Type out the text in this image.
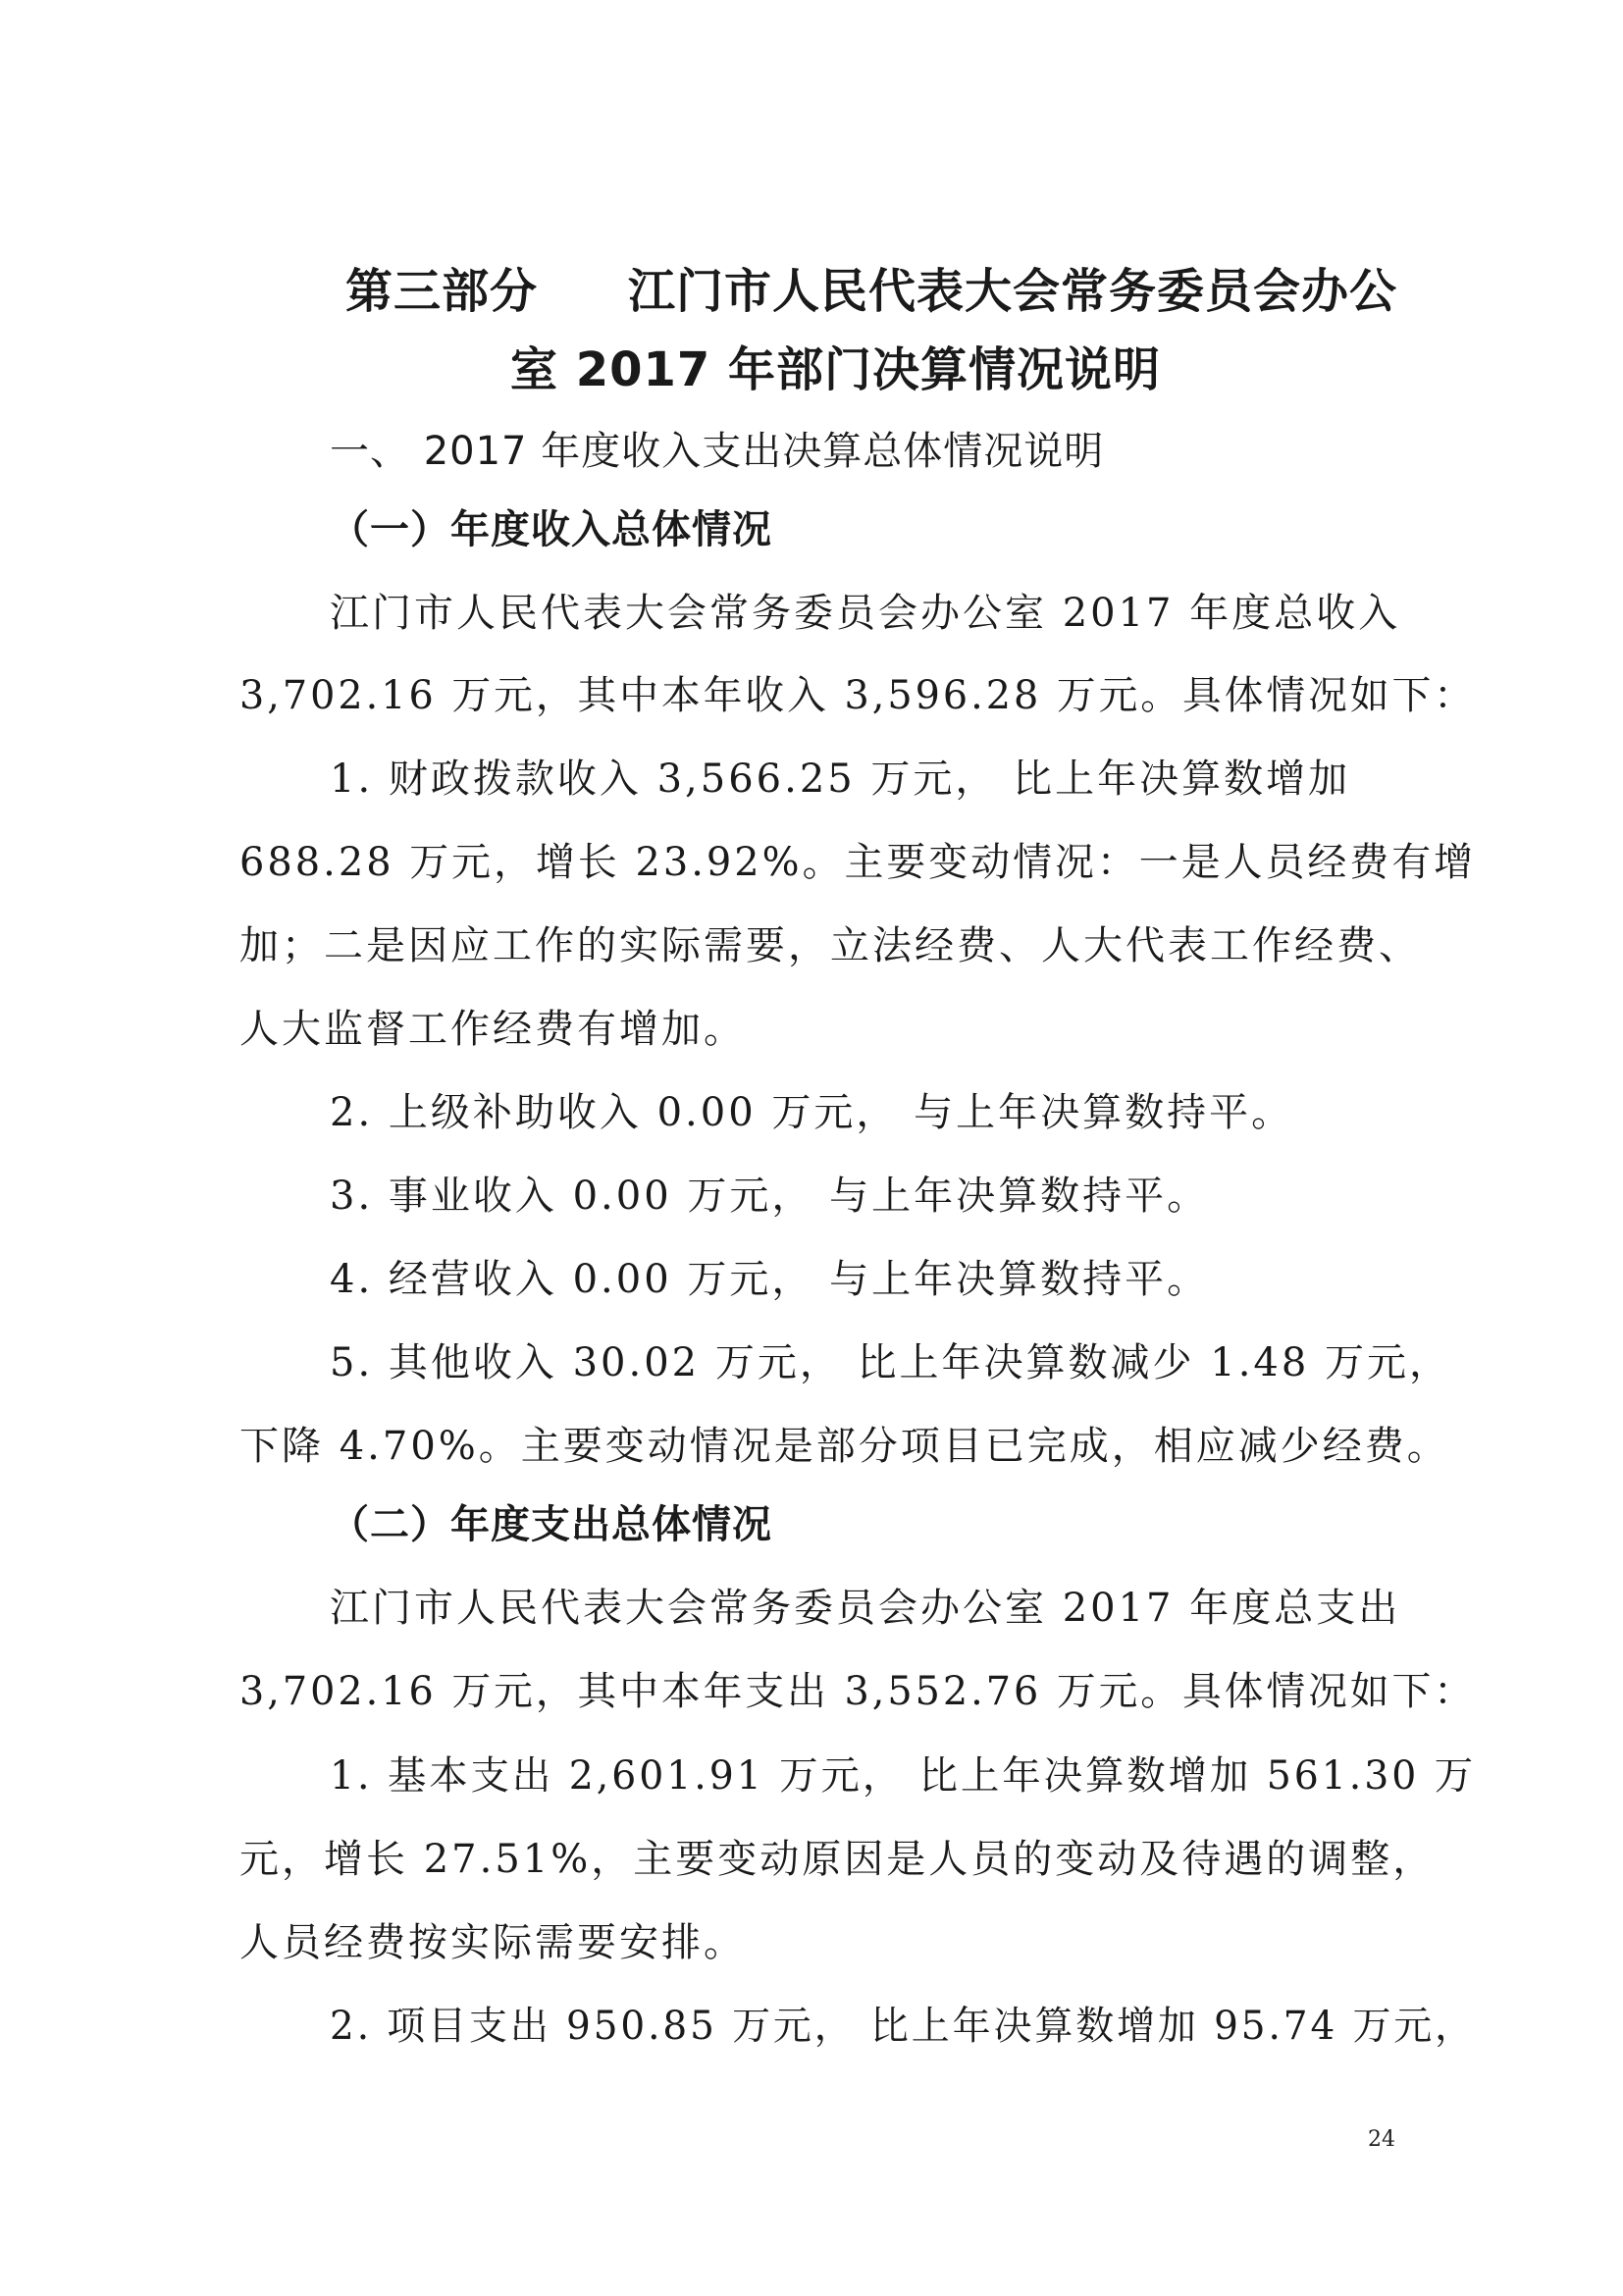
第三部分 江门市人民代表大会常务委员会办公
室 2017 年部门决算情况说明
一、 2017 年度收入支出决算总体情况说明
（一）年度收入总体情况
江门市人民代表大会常务委员会办公室 2017 年度总收入
3,702.16 万元，其中本年收入 3,596.28 万元。具体情况如下：
1. 财政拨款收入 3,566.25 万元， 比上年决算数增加
688.28 万元，增长 23.92%。主要变动情况：一是人员经费有增
加；二是因应工作的实际需要，立法经费、人大代表工作经费、
人大监督工作经费有增加。
2. 上级补助收入 0.00 万元， 与上年决算数持平。
3. 事业收入 0.00 万元， 与上年决算数持平。
4. 经营收入 0.00 万元， 与上年决算数持平。
5. 其他收入 30.02 万元， 比上年决算数减少 1.48 万元，
下降 4.70%。主要变动情况是部分项目已完成，相应减少经费。
（二）年度支出总体情况
江门市人民代表大会常务委员会办公室 2017 年度总支出
3,702.16 万元，其中本年支出 3,552.76 万元。具体情况如下：
1. 基本支出 2,601.91 万元， 比上年决算数增加 561.30 万
元，增长 27.51%，主要变动原因是人员的变动及待遇的调整，
人员经费按实际需要安排。
2. 项目支出 950.85 万元， 比上年决算数增加 95.74 万元，
24
